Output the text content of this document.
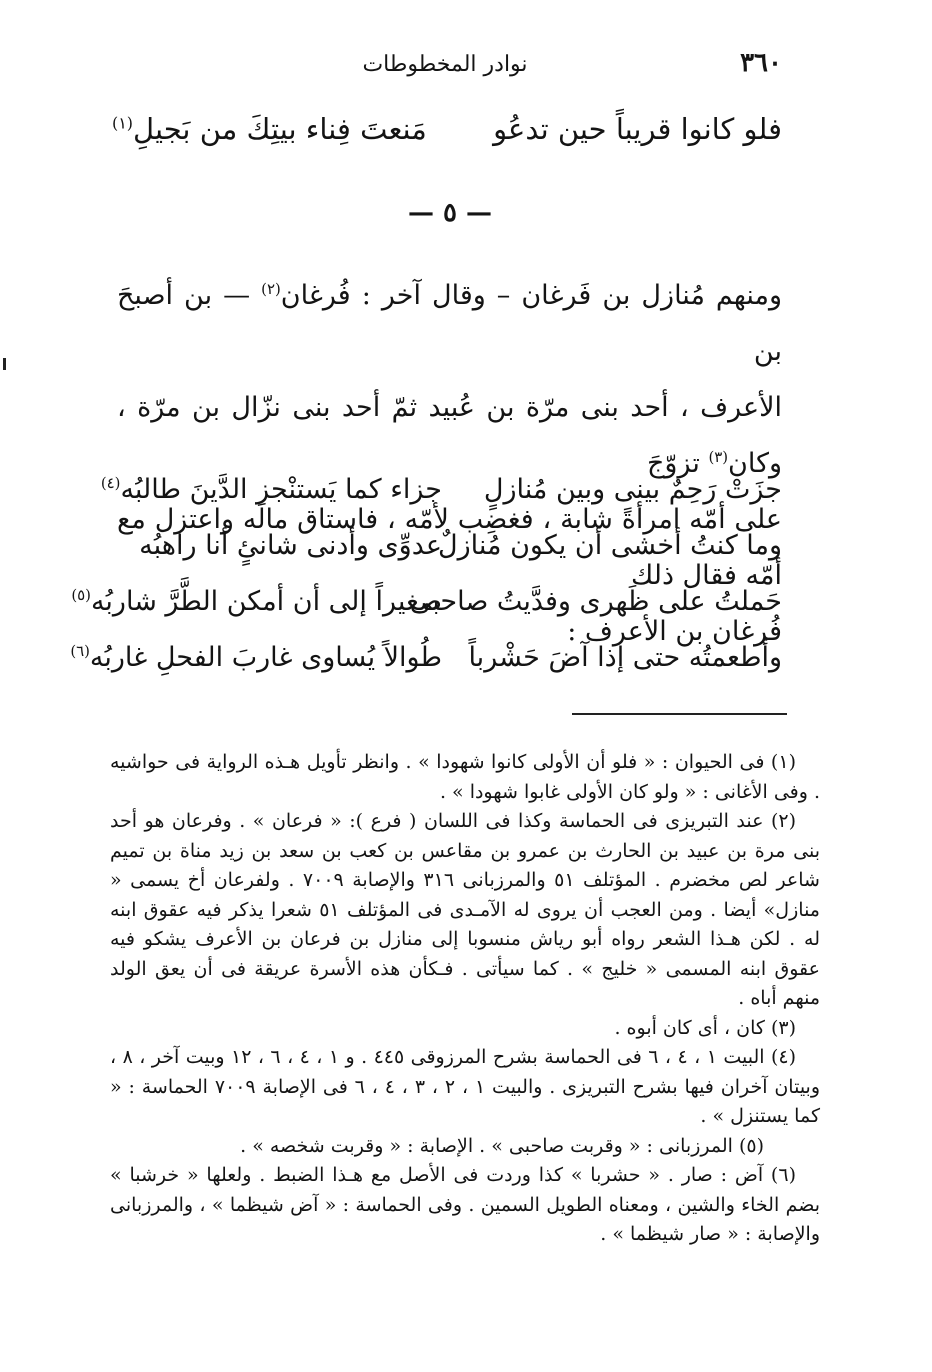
٣٦٠
نوادر المخطوطات
فلو كانوا قريباً حين تدعُو
مَنعتَ فِناء بيتِكَ من بَجيلِ$^{(١)}$
— ٥ —

ومنهم مُنازل بن فَرغان – وقال آخر : فُرغان$^{(٢)}$ — بن أصبحَ بن

الأعرف ، أحد بنى مرّة بن عُبيد ثمّ أحد بنى نزّال بن مرّة ، وكان$^{(٣)}$ تزوّجَ

على أمّه امرأةً شابة ، فغضِب لأمّه ، فاستاق مالَه واعتزل مع أمّه فقال ذلك

فُرغان بن الأعرف :

جزَتْ رَحِمٌ بينى وبين مُنازلٍ
جزاء كما يَستنْجز الدَّينَ طالبُه$^{(٤)}$
وما كنتُ أخشى أن يكون مُنازلٌ
عدوِّى وأدنى شانئٍ أنا راهبُه
حَملتُ على ظَهرى وفدَّيتُ صاحبى
صغيراً إلى أن أمكن الطَّرَّ شاربُه$^{(٥)}$
وأطعمتُه حتى إذا آضَ حَشْرباً
طُوالاً يُساوى غاربَ الفحلِ غاربُه$^{(٦)}$

(١) فى الحيوان : « فلو أن الأولى كانوا شهودا » . وانظر تأويل هـذه الرواية فى حواشيه . وفى الأغانى : « ولو كان الأولى غابوا شهودا » .

(٢) عند التبريزى فى الحماسة وكذا فى اللسان ( فرع ): « فرعان » . وفرعان هو أحد بنى مرة بن عبيد بن الحارث بن عمرو بن مقاعس بن كعب بن سعد بن زيد مناة بن تميم شاعر لص مخضرم . المؤتلف ٥١ والمرزبانى ٣١٦ والإصابة ٧٠٠٩ . ولفرعان أخ يسمى « منازل» أيضا . ومن العجب أن يروى له الآمـدى فى المؤتلف ٥١ شعرا يذكر فيه عقوق ابنه له . لكن هـذا الشعر رواه أبو رياش منسوبا إلى منازل بن فرعان بن الأعرف يشكو فيه عقوق ابنه المسمى « خليج » . كما سيأتى . فـكأن هذه الأسرة عريقة فى أن يعق الولد منهم أباه .

(٣) كان ، أى كان أبوه .

(٤) البيت ١ ، ٤ ، ٦ فى الحماسة بشرح المرزوقى ٤٤٥ . و ١ ، ٤ ، ٦ ، ١٢ وبيت آخر ، ٨ ، وبيتان آخران فيها بشرح التبريزى . والبيت ١ ، ٢ ، ٣ ، ٤ ، ٦ فى الإصابة ٧٠٠٩ الحماسة : « كما يستنزل » .

(٥) المرزبانى : « وقربت صاحبى » . الإصابة : « وقربت شخصه » .

(٦) آض : صار . « حشربا » كذا وردت فى الأصل مع هـذا الضبط . ولعلها « خرشبا » بضم الخاء والشين ، ومعناه الطويل السمين . وفى الحماسة : « آض شيظما » ، والمرزبانى والإصابة : « صار شيظما » .
